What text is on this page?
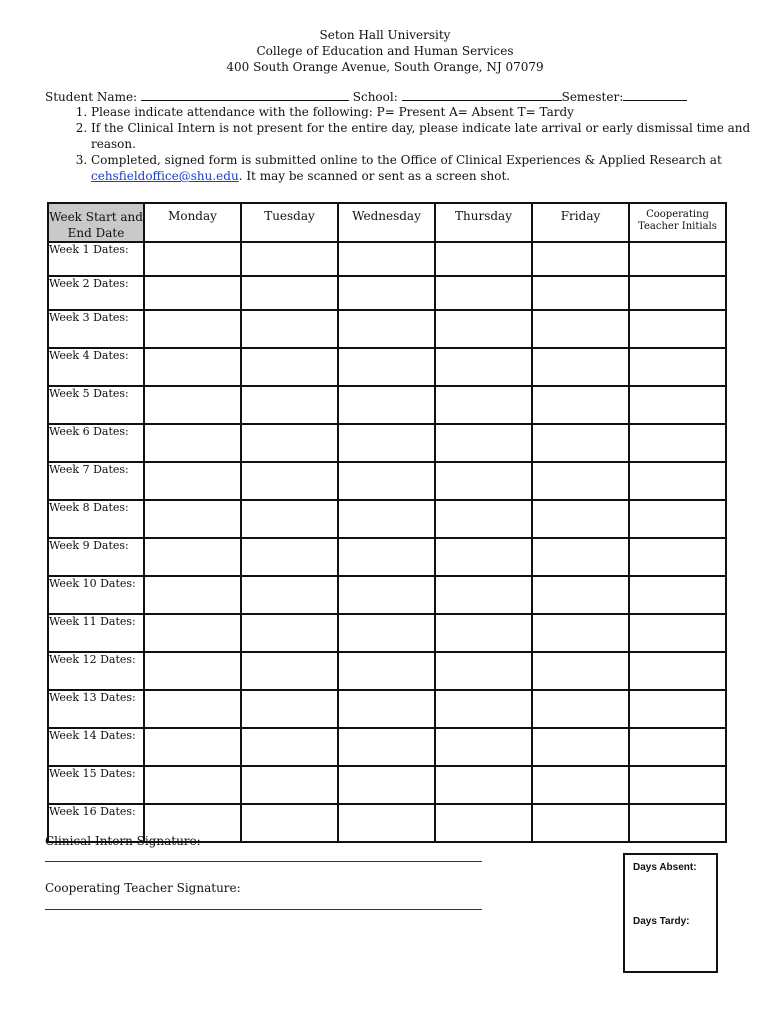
Seton Hall University
College of Education and Human Services
400 South Orange Avenue, South Orange, NJ 07079
Student Name:	School:	Semester:
1. Please indicate attendance with the following: P= Present A= Absent T= Tardy
2. If the Clinical Intern is not present for the entire day, please indicate late arrival or early dismissal time and reason.
3. Completed, signed form is submitted online to the Office of Clinical Experiences & Applied Research at cehsfieldoffice@shu.edu. It may be scanned or sent as a screen shot.
Week Start and End Date	Monday	Tuesday	Wednesday	Thursday	Friday	Cooperating Teacher Initials
Week 1 Dates:						
Week 2 Dates:						
Week 3 Dates:						
Week 4 Dates:						
Week 5 Dates:						
Week 6 Dates:						
Week 7 Dates:						
Week 8 Dates:						
Week 9 Dates:						
Week 10 Dates:						
Week 11 Dates:						
Week 12 Dates:						
Week 13 Dates:						
Week 14 Dates:						
Week 15 Dates:						
Week 16 Dates:						
Clinical Intern Signature:
Cooperating Teacher Signature:
Days Absent:
Days Tardy:
